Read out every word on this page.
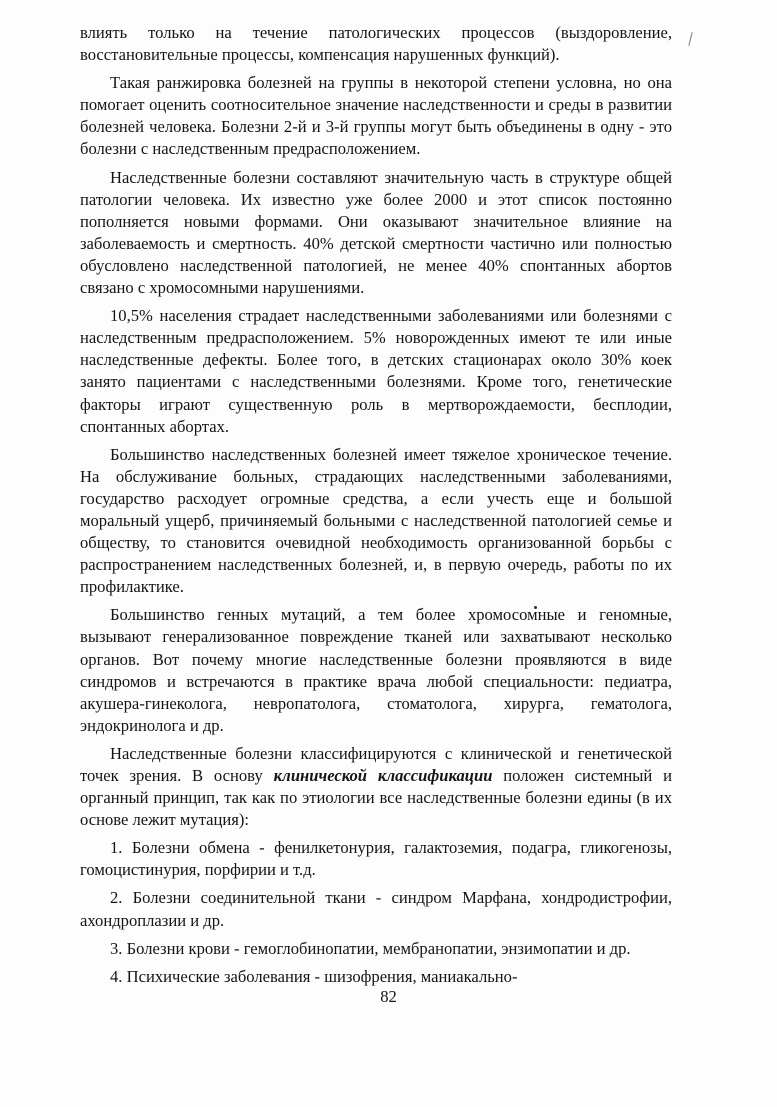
влиять только на течение патологических процессов (выздоровление, восстановительные процессы, компенсация нарушенных функций).

Такая ранжировка болезней на группы в некоторой степени условна, но она помогает оценить соотносительное значение наследственности и среды в развитии болезней человека. Болезни 2-й и 3-й группы могут быть объединены в одну - это болезни с наследственным предрасположением.

Наследственные болезни составляют значительную часть в структуре общей патологии человека. Их известно уже более 2000 и этот список постоянно пополняется новыми формами. Они оказывают значительное влияние на заболеваемость и смертность. 40% детской смертности частично или полностью обусловлено наследственной патологией, не менее 40% спонтанных абортов связано с хромосомными нарушениями.

10,5% населения страдает наследственными заболеваниями или болезнями с наследственным предрасположением. 5% новорожденных имеют те или иные наследственные дефекты. Более того, в детских стационарах около 30% коек занято пациентами с наследственными болезнями. Кроме того, генетические факторы играют существенную роль в мертворождаемости, бесплодии, спонтанных абортах.

Большинство наследственных болезней имеет тяжелое хроническое течение. На обслуживание больных, страдающих наследственными заболеваниями, государство расходует огромные средства, а если учесть еще и большой моральный ущерб, причиняемый больными с наследственной патологией семье и обществу, то становится очевидной необходимость организованной борьбы с распространением наследственных болезней, и, в первую очередь, работы по их профилактике.

Большинство генных мутаций, а тем более хромосомные и геномные, вызывают генерализованное повреждение тканей или захватывают несколько органов. Вот почему многие наследственные болезни проявляются в виде синдромов и встречаются в практике врача любой специальности: педиатра, акушера-гинеколога, невропатолога, стоматолога, хирурга, гематолога, эндокринолога и др.

Наследственные болезни классифицируются с клинической и генетической точек зрения. В основу клинической классификации положен системный и органный принцип, так как по этиологии все наследственные болезни едины (в их основе лежит мутация):

1. Болезни обмена - фенилкетонурия, галактоземия, подагра, гликогенозы, гомоцистинурия, порфирии и т.д.

2. Болезни соединительной ткани - синдром Марфана, хондродистрофии, ахондроплазии и др.

3. Болезни крови - гемоглобинопатии, мембранопатии, энзимопатии и др.

4. Психические заболевания - шизофрения, маниакально-

82
